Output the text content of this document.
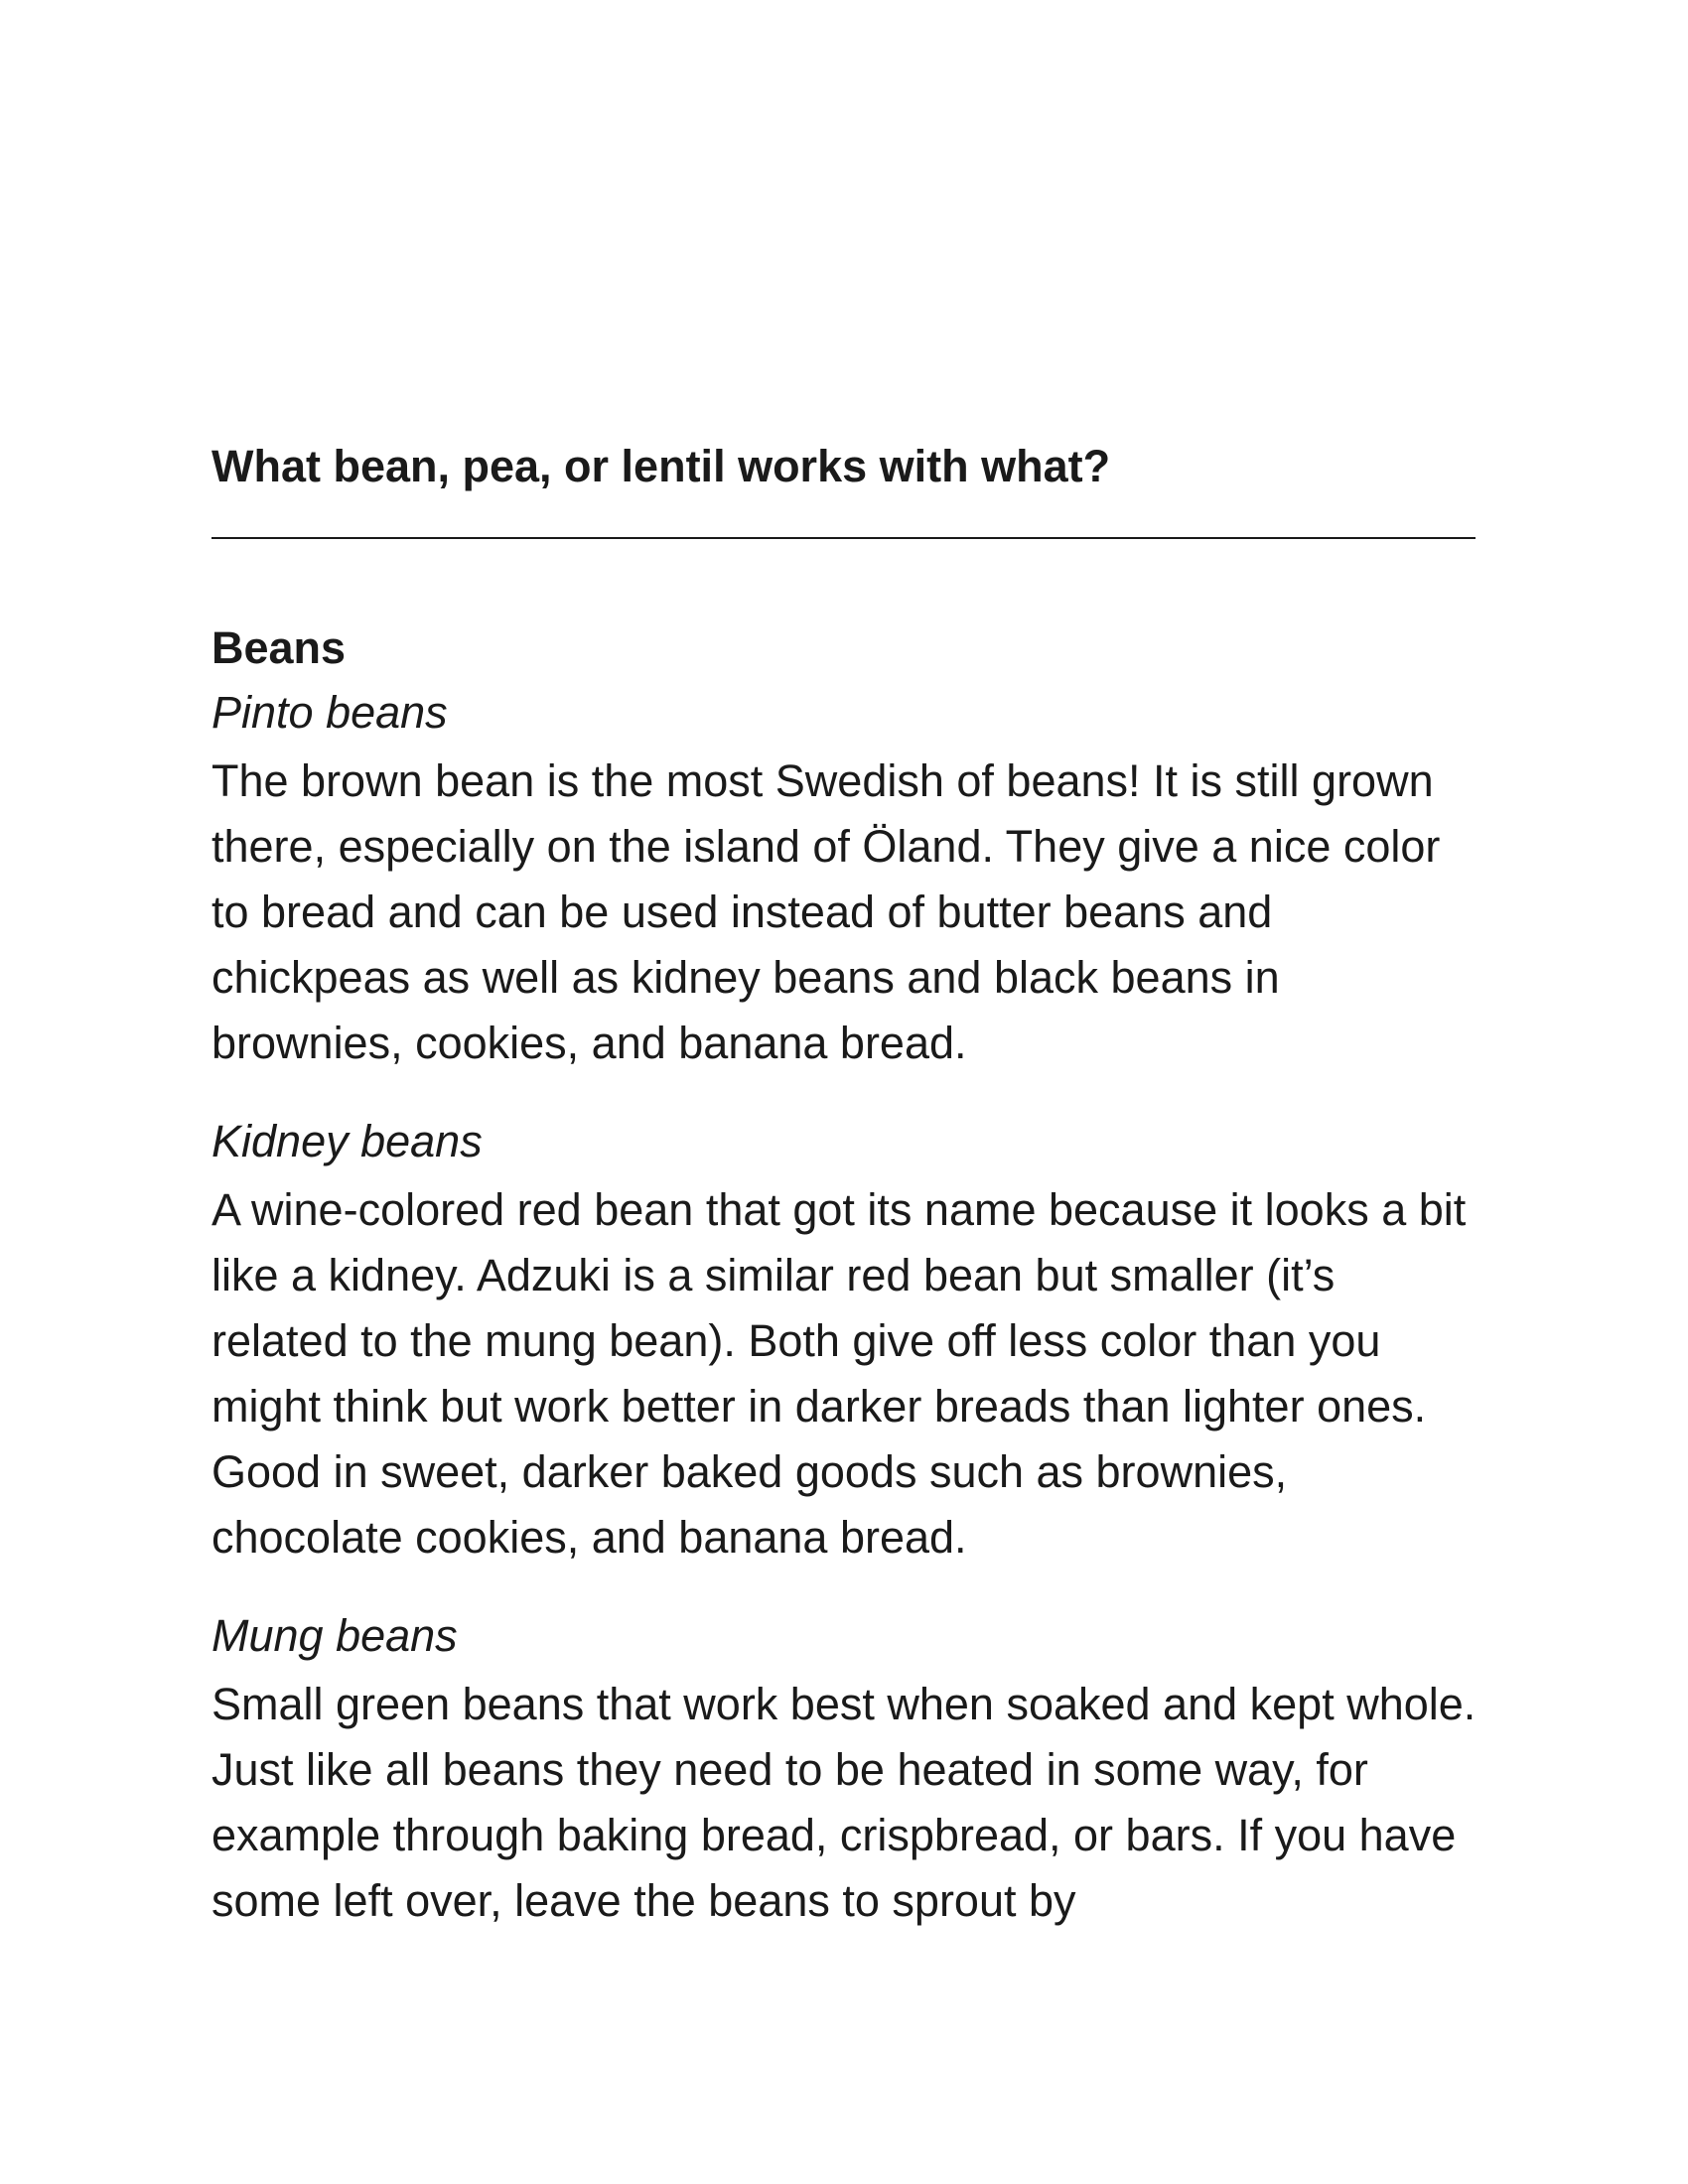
What bean, pea, or lentil works with what?
Beans

Pinto beans

The brown bean is the most Swedish of beans! It is still grown there, especially on the island of Öland. They give a nice color to bread and can be used instead of butter beans and chickpeas as well as kidney beans and black beans in brownies, cookies, and banana bread.

Kidney beans

A wine-colored red bean that got its name because it looks a bit like a kidney. Adzuki is a similar red bean but smaller (it’s related to the mung bean). Both give off less color than you might think but work better in darker breads than lighter ones. Good in sweet, darker baked goods such as brownies, chocolate cookies, and banana bread.

Mung beans

Small green beans that work best when soaked and kept whole. Just like all beans they need to be heated in some way, for example through baking bread, crispbread, or bars. If you have some left over, leave the beans to sprout by
